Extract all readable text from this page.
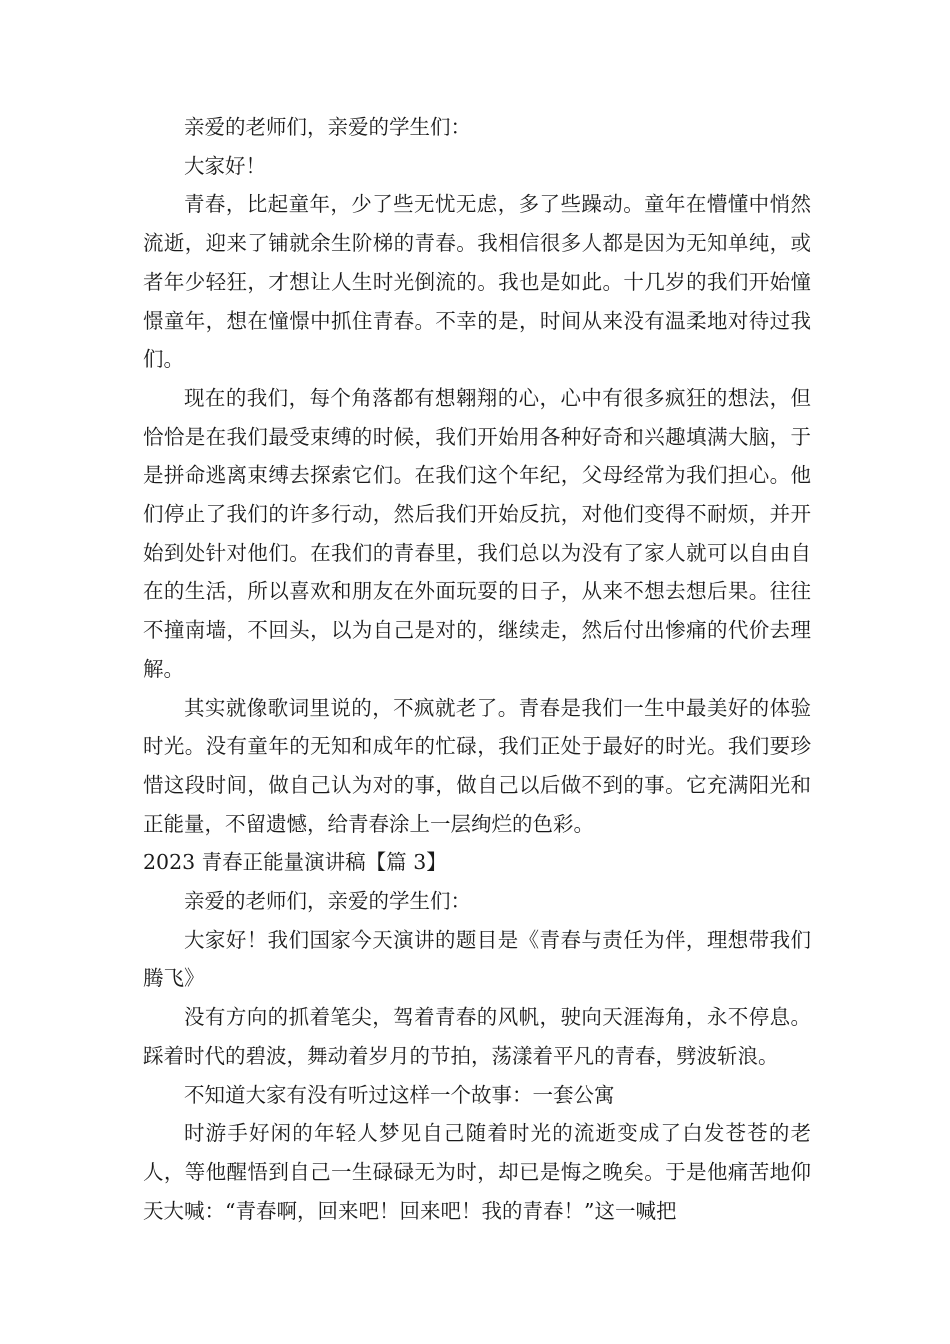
亲爱的老师们，亲爱的学生们：

大家好！

青春，比起童年，少了些无忧无虑，多了些躁动。童年在懵懂中悄然流逝，迎来了铺就余生阶梯的青春。我相信很多人都是因为无知单纯，或者年少轻狂，才想让人生时光倒流的。我也是如此。十几岁的我们开始憧憬童年，想在憧憬中抓住青春。不幸的是，时间从来没有温柔地对待过我们。

现在的我们，每个角落都有想翱翔的心，心中有很多疯狂的想法，但恰恰是在我们最受束缚的时候，我们开始用各种好奇和兴趣填满大脑，于是拼命逃离束缚去探索它们。在我们这个年纪，父母经常为我们担心。他们停止了我们的许多行动，然后我们开始反抗，对他们变得不耐烦，并开始到处针对他们。在我们的青春里，我们总以为没有了家人就可以自由自在的生活，所以喜欢和朋友在外面玩耍的日子，从来不想去想后果。往往不撞南墙，不回头，以为自己是对的，继续走，然后付出惨痛的代价去理解。

其实就像歌词里说的，不疯就老了。青春是我们一生中最美好的体验时光。没有童年的无知和成年的忙碌，我们正处于最好的时光。我们要珍惜这段时间，做自己认为对的事，做自己以后做不到的事。它充满阳光和正能量，不留遗憾，给青春涂上一层绚烂的色彩。

2023 青春正能量演讲稿【篇 3】

亲爱的老师们，亲爱的学生们：

大家好！我们国家今天演讲的题目是《青春与责任为伴，理想带我们腾飞》

没有方向的抓着笔尖，驾着青春的风帆，驶向天涯海角，永不停息。踩着时代的碧波，舞动着岁月的节拍，荡漾着平凡的青春，劈波斩浪。

不知道大家有没有听过这样一个故事：一套公寓

时游手好闲的年轻人梦见自己随着时光的流逝变成了白发苍苍的老人，等他醒悟到自己一生碌碌无为时，却已是悔之晚矣。于是他痛苦地仰天大喊：“青春啊，回来吧！回来吧！我的青春！”这一喊把
